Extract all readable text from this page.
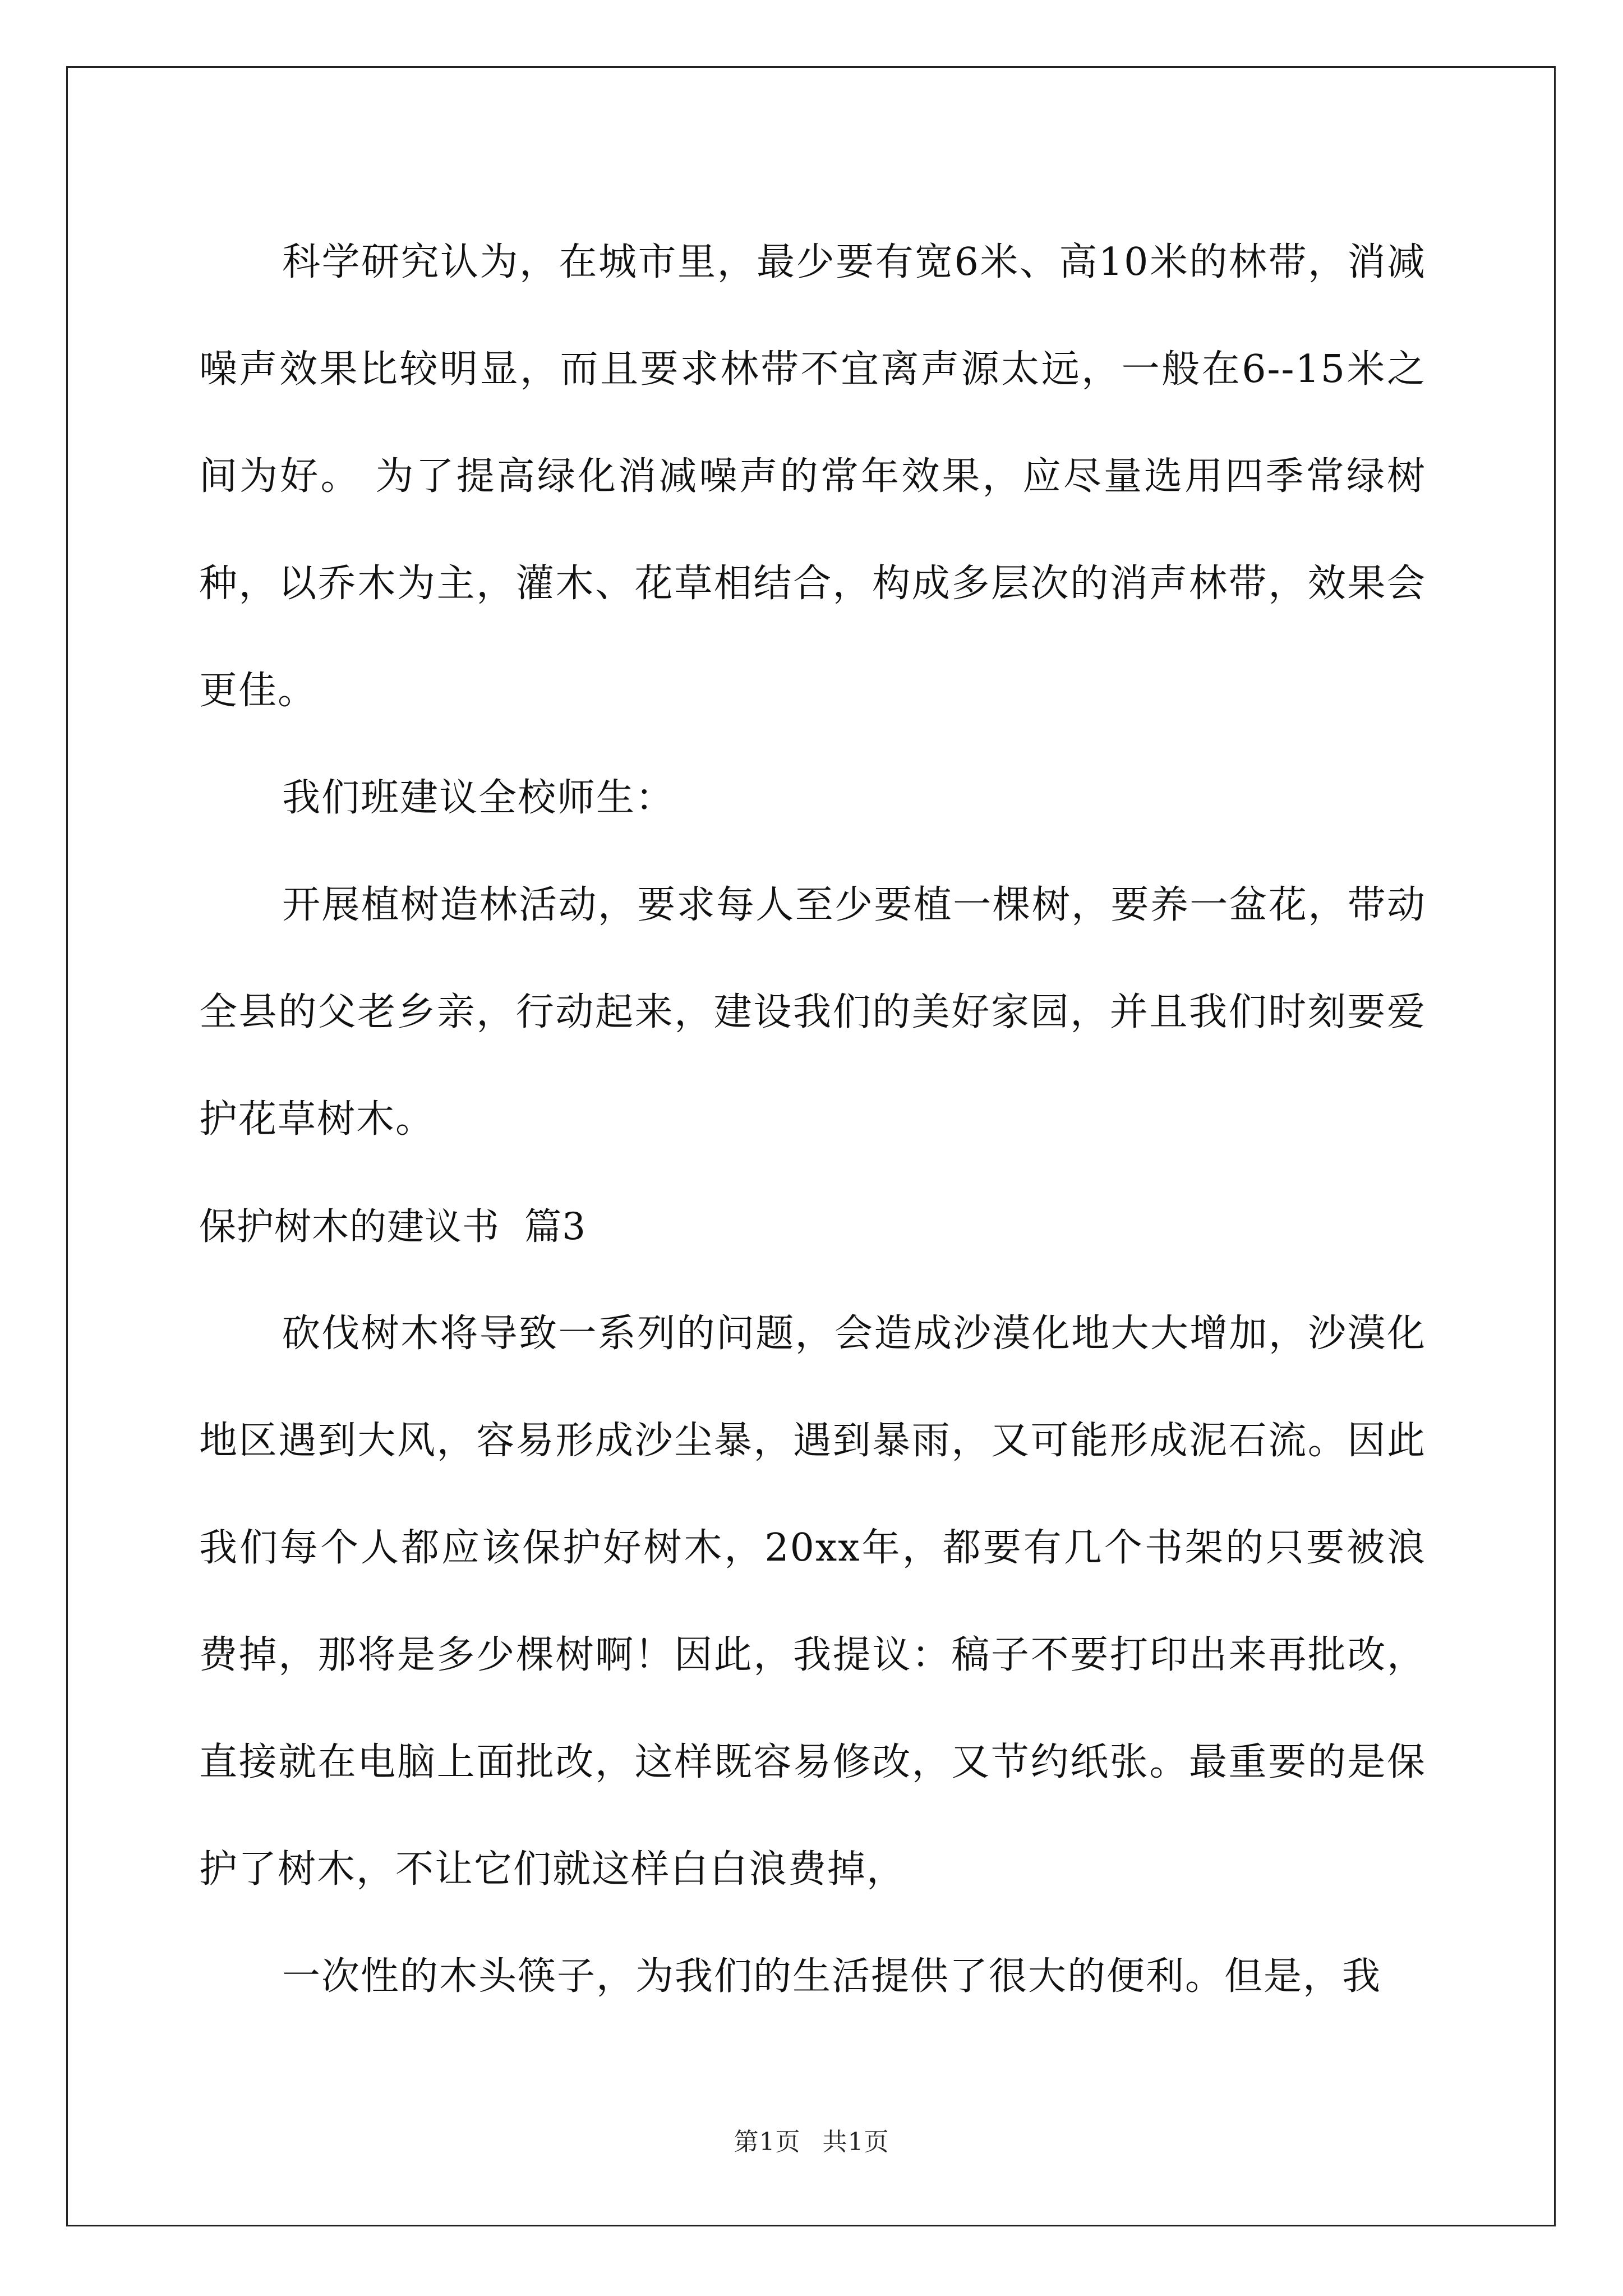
科学研究认为，在城市里，最少要有宽6米、高10米的林带，消减噪声效果比较明显，而且要求林带不宜离声源太远，一般在6--15米之间为好。 为了提高绿化消减噪声的常年效果，应尽量选用四季常绿树种，以乔木为主，灌木、花草相结合，构成多层次的消声林带，效果会更佳。

我们班建议全校师生：

开展植树造林活动，要求每人至少要植一棵树，要养一盆花，带动全县的父老乡亲，行动起来，建设我们的美好家园，并且我们时刻要爱护花草树木。

保护树木的建议书  篇3

砍伐树木将导致一系列的问题，会造成沙漠化地大大增加，沙漠化地区遇到大风，容易形成沙尘暴，遇到暴雨，又可能形成泥石流。因此我们每个人都应该保护好树木，20xx年，都要有几个书架的只要被浪费掉，那将是多少棵树啊！因此，我提议：稿子不要打印出来再批改，直接就在电脑上面批改，这样既容易修改，又节约纸张。最重要的是保护了树木，不让它们就这样白白浪费掉，

一次性的木头筷子，为我们的生活提供了很大的便利。但是，我

第1页 共1页
